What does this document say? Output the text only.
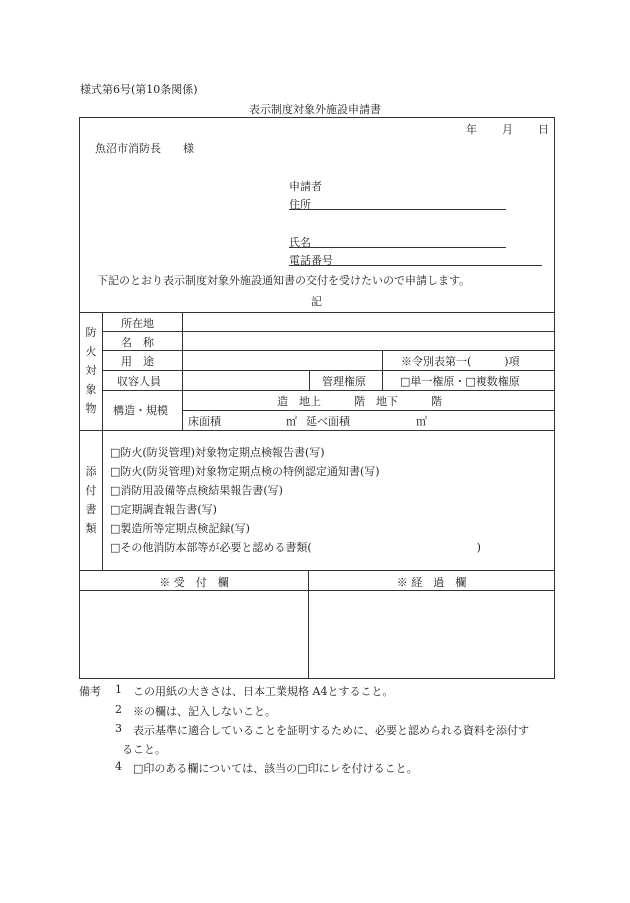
様式第6号(第10条関係)
表示制度対象外施設申請書
年 月 日
魚沼市消防長　　様
申請者
住所
氏名
電話番号
下記のとおり表示制度対象外施設通知書の交付を受けたいので申請します。
記
防
火
対
象
物
所在地
名　称
用　途	※令別表第一(　　　)項
収容人員	管理権原	□単一権原・□複数権原
構造・規模
造　地上　　　階　地下　　　階
床面積	㎡ 延べ面積	㎡
添
付
書
類
□防火(防災管理)対象物定期点検報告書(写)
□防火(防災管理)対象物定期点検の特例認定通知書(写)
□消防用設備等点検結果報告書(写)
□定期調査報告書(写)
□製造所等定期点検記録(写)
□その他消防本部等が必要と認める書類(　　　　　　　　　　　　　　　)
※ 受　付　欄	※ 経　過　欄
備考 1 この用紙の大きさは、日本工業規格 A4とすること。
2 ※の欄は、記入しないこと。
3 表示基準に適合していることを証明するために、必要と認められる資料を添付す
ること。
4 □印のある欄については、該当の□印にレを付けること。
